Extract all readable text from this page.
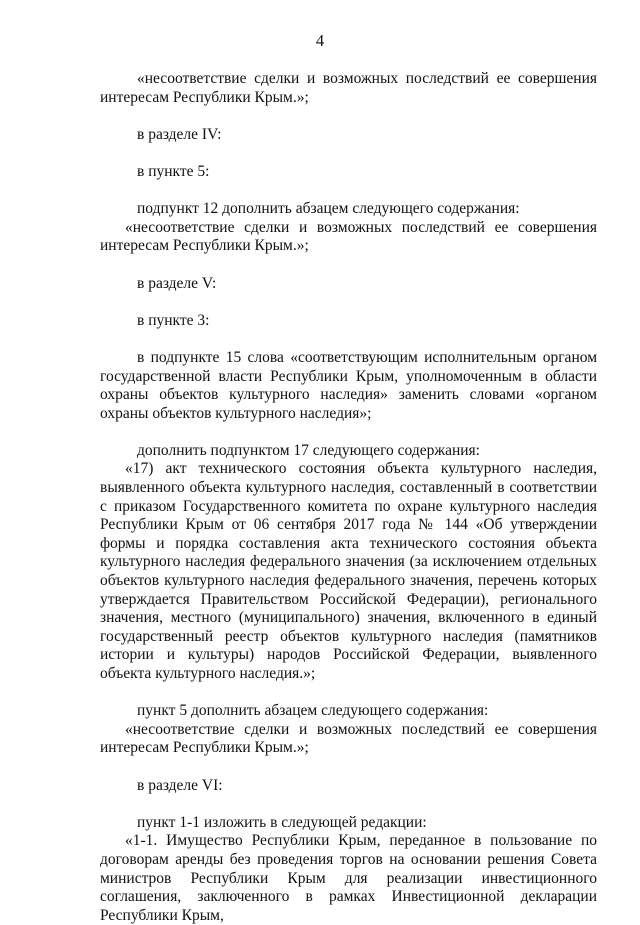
4

«несоответствие сделки и возможных последствий ее совершения интересам Республики Крым.»;

в разделе IV:

в пункте 5:

подпункт 12 дополнить абзацем следующего содержания:

«несоответствие сделки и возможных последствий ее совершения интересам Республики Крым.»;

в разделе V:

в пункте 3:

в подпункте 15 слова «соответствующим исполнительным органом государственной власти Республики Крым, уполномоченным в области охраны объектов культурного наследия» заменить словами «органом охраны объектов культурного наследия»;

дополнить подпунктом 17 следующего содержания:

«17) акт технического состояния объекта культурного наследия, выявленного объекта культурного наследия, составленный в соответствии с приказом Государственного комитета по охране культурного наследия Республики Крым от 06 сентября 2017 года № 144 «Об утверждении формы и порядка составления акта технического состояния объекта культурного наследия федерального значения (за исключением отдельных объектов культурного наследия федерального значения, перечень которых утверждается Правительством Российской Федерации), регионального значения, местного (муниципального) значения, включенного в единый государственный реестр объектов культурного наследия (памятников истории и культуры) народов Российской Федерации, выявленного объекта культурного наследия.»;

пункт 5 дополнить абзацем следующего содержания:

«несоответствие сделки и возможных последствий ее совершения интересам Республики Крым.»;

в разделе VI:

пункт 1-1 изложить в следующей редакции:

«1-1. Имущество Республики Крым, переданное в пользование по договорам аренды без проведения торгов на основании решения Совета министров Республики Крым для реализации инвестиционного соглашения, заключенного в рамках Инвестиционной декларации Республики Крым,
